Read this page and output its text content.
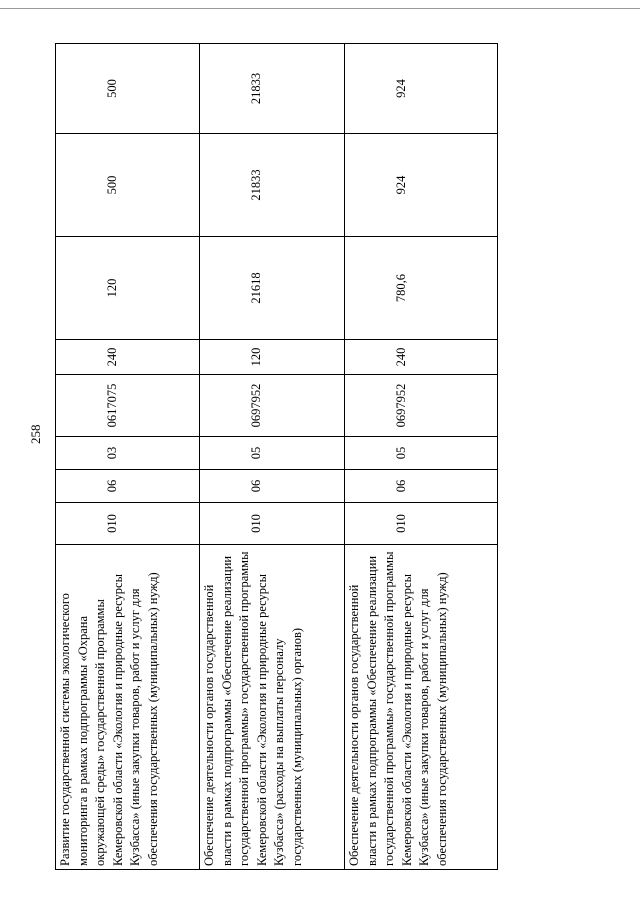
258
Развитие государственной системы экологического мониторинга в рамках подпрограммы «Охрана окружающей среды» государственной программы Кемеровской области «Экология и природные ресурсы Кузбасса» (иные закупки товаров, работ и услуг для обеспечения государственных (муниципальных) нужд)	010	06	03	0617075	240	120	500	500
Обеспечение деятельности органов государственной власти в рамках подпрограммы «Обеспечение реализации государственной программы» государственной программы Кемеровской области «Экология и природные ресурсы Кузбасса» (расходы на выплаты персоналу государственных (муниципальных) органов)	010	06	05	0697952	120	21618	21833	21833
Обеспечение деятельности органов государственной власти в рамках подпрограммы «Обеспечение реализации государственной программы» государственной программы Кемеровской области «Экология и природные ресурсы Кузбасса» (иные закупки товаров, работ и услуг для обеспечения государственных (муниципальных) нужд)	010	06	05	0697952	240	780,6	924	924
